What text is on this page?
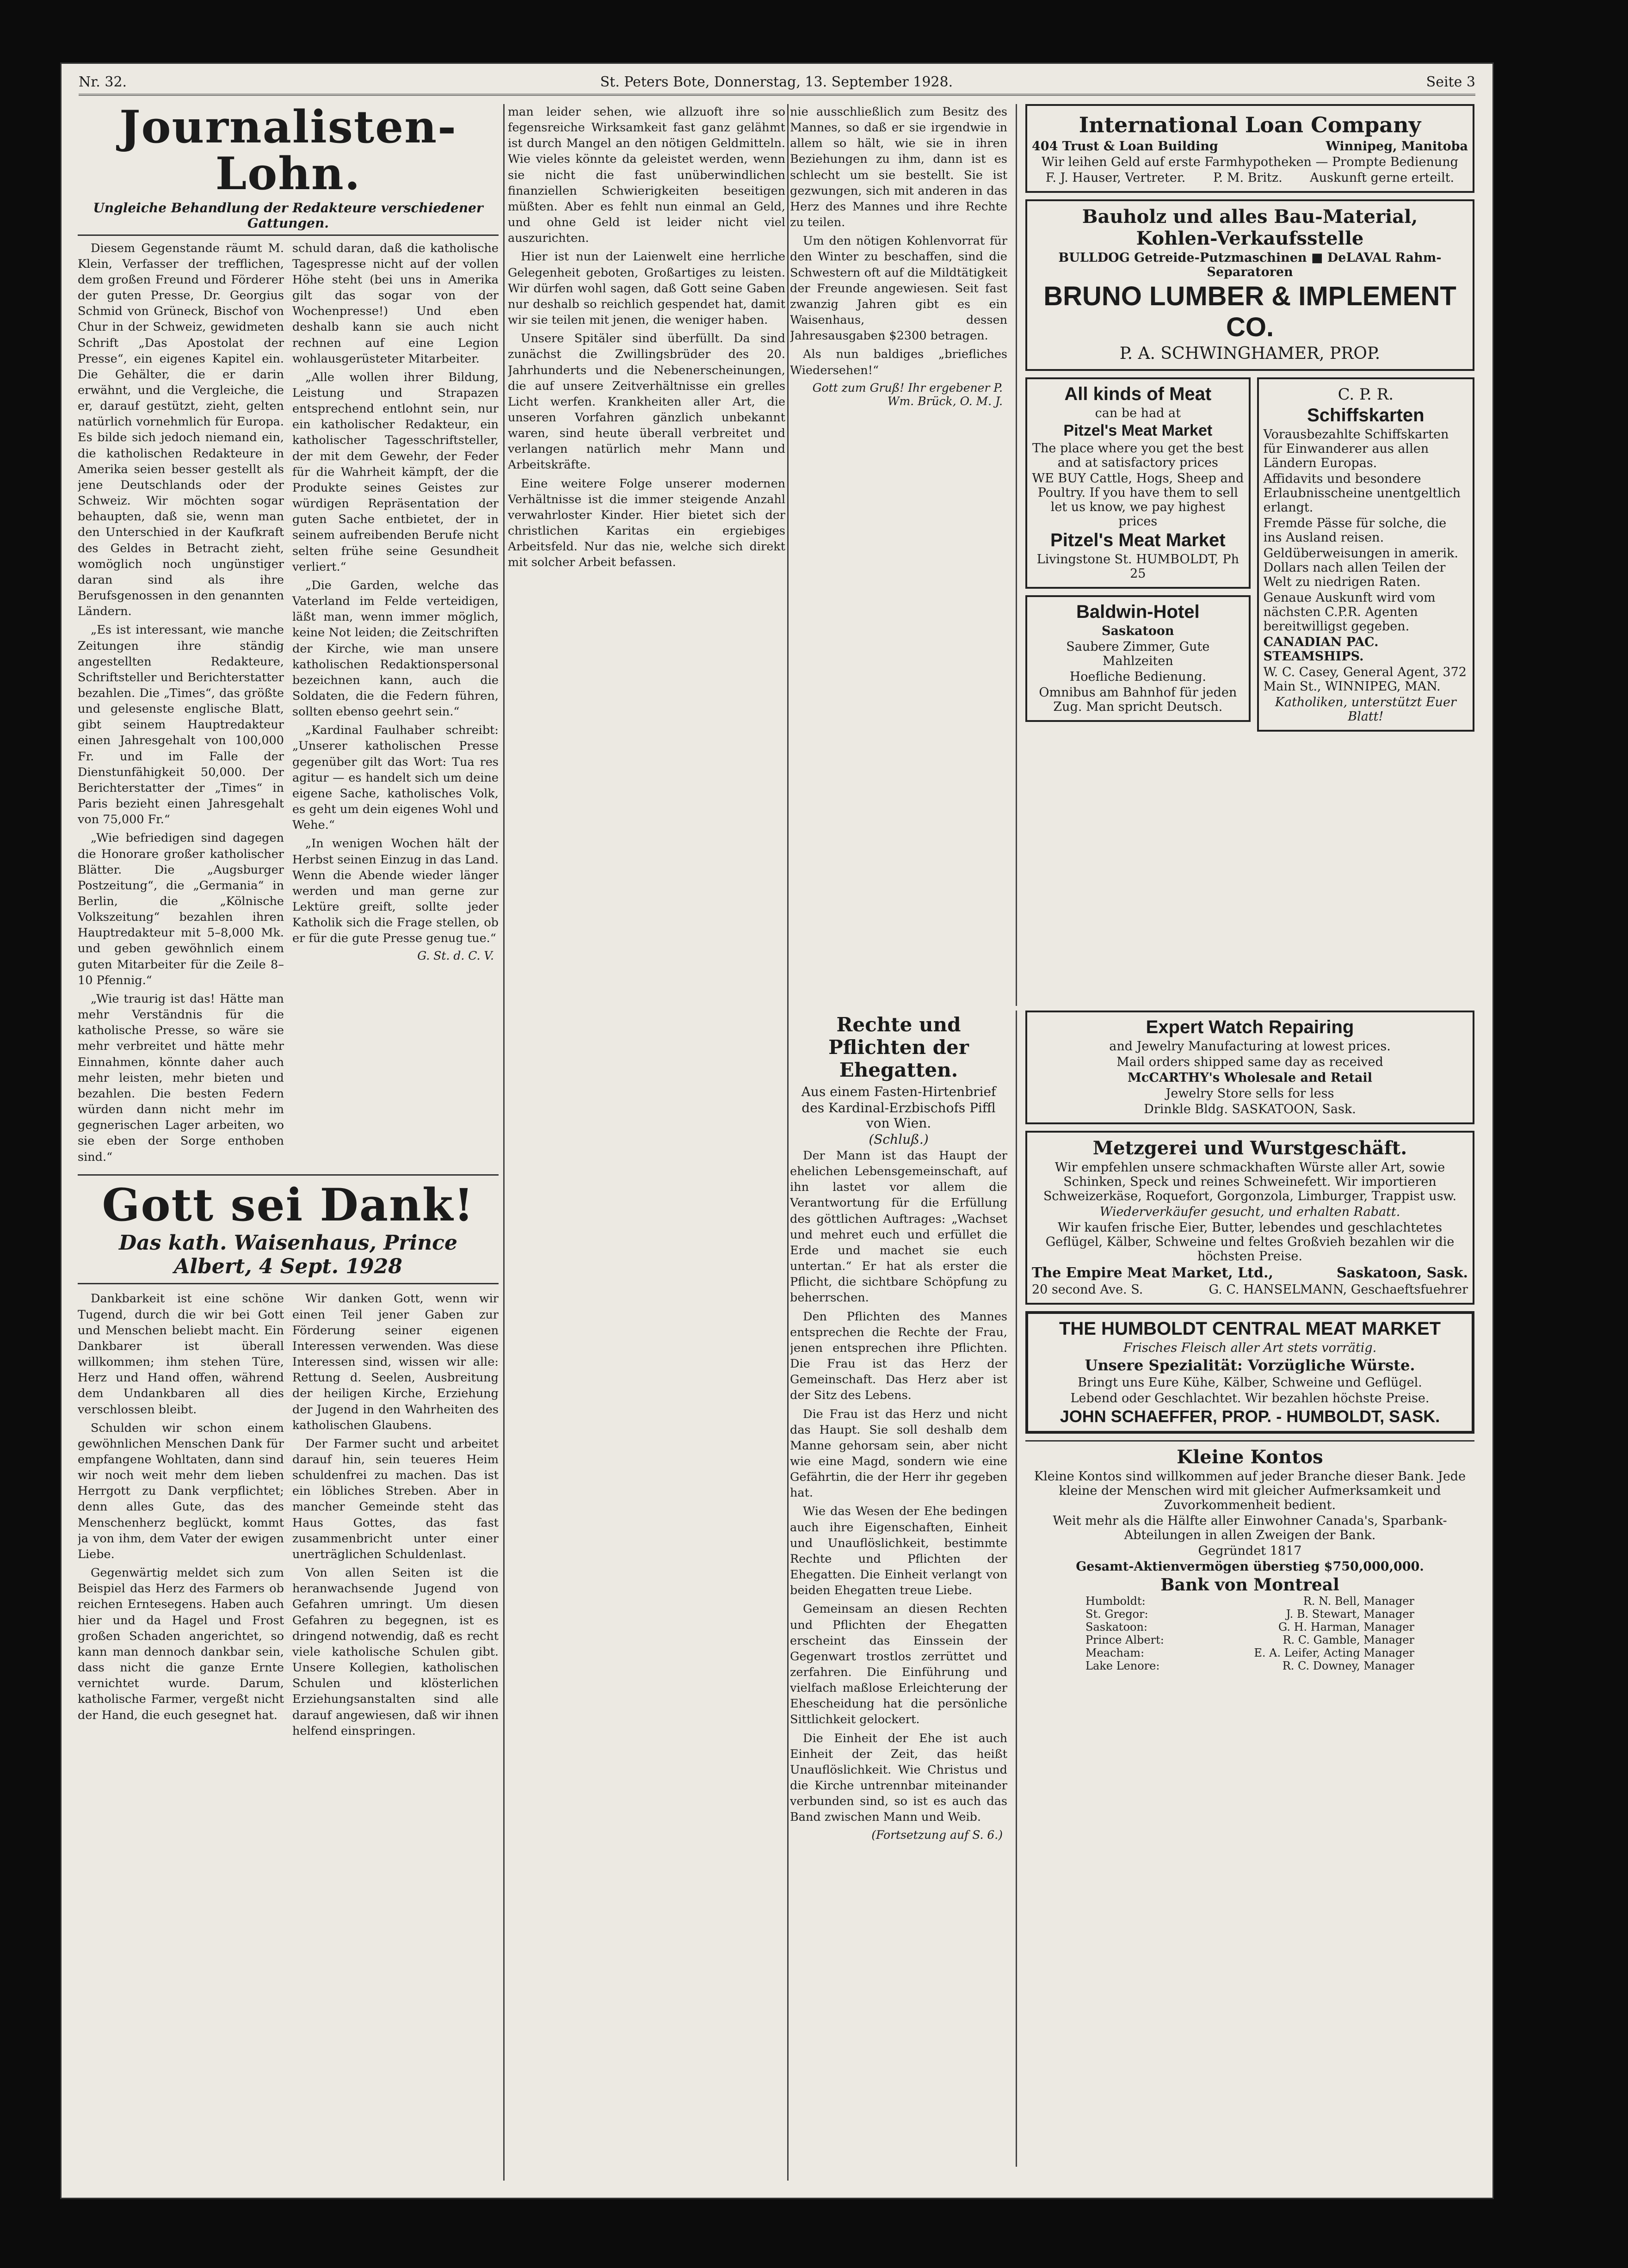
Nr. 32.	St. Peters Bote, Donnerstag, 13. September 1928.	Seite 3
Journalisten-Lohn.
Ungleiche Behandlung der Redakteure verschiedener Gattungen.

Diesem Gegenstande räumt M. Klein, Verfasser der trefflichen, dem großen Freund und Förderer der guten Presse, Dr. Georgius Schmid von Grüneck, Bischof von Chur in der Schweiz, gewidmeten Schrift „Das Apostolat der Presse“, ein eigenes Kapitel ein. Die Gehälter, die er darin erwähnt, und die Vergleiche, die er, darauf gestützt, zieht, gelten natürlich vornehmlich für Europa. Es bilde sich jedoch niemand ein, die katholischen Redakteure in Amerika seien besser gestellt als jene Deutschlands oder der Schweiz. Wir möchten sogar behaupten, daß sie, wenn man den Unterschied in der Kaufkraft des Geldes in Betracht zieht, womöglich noch ungünstiger daran sind als ihre Berufsgenossen in den genannten Ländern.

„Es ist interessant, wie manche Zeitungen ihre ständig angestellten Redakteure, Schriftsteller und Berichterstatter bezahlen. Die „Times“, das größte und gelesenste englische Blatt, gibt seinem Hauptredakteur einen Jahresgehalt von 100,000 Fr. und im Falle der Dienstunfähigkeit 50,000. Der Berichterstatter der „Times“ in Paris bezieht einen Jahresgehalt von 75,000 Fr.“

„Wie befriedigen sind dagegen die Honorare großer katholischer Blätter. Die „Augsburger Postzeitung“, die „Germania“ in Berlin, die „Kölnische Volkszeitung“ bezahlen ihren Hauptredakteur mit 5–8,000 Mk. und geben gewöhnlich einem guten Mitarbeiter für die Zeile 8–10 Pfennig.“

„Wie traurig ist das! Hätte man mehr Verständnis für die katholische Presse, so wäre sie mehr verbreitet und hätte mehr Einnahmen, könnte daher auch mehr leisten, mehr bieten und bezahlen. Die besten Federn würden dann nicht mehr im gegnerischen Lager arbeiten, wo sie eben der Sorge enthoben sind.“

schuld daran, daß die katholische Tagespresse nicht auf der vollen Höhe steht (bei uns in Amerika gilt das sogar von der Wochenpresse!) Und eben deshalb kann sie auch nicht rechnen auf eine Legion wohlausgerüsteter Mitarbeiter.

„Alle wollen ihrer Bildung, Leistung und Strapazen entsprechend entlohnt sein, nur ein katholischer Redakteur, ein katholischer Tagesschriftsteller, der mit dem Gewehr, der Feder für die Wahrheit kämpft, der die Produkte seines Geistes zur würdigen Repräsentation der guten Sache entbietet, der in seinem aufreibenden Berufe nicht selten frühe seine Gesundheit verliert.“

„Die Garden, welche das Vaterland im Felde verteidigen, läßt man, wenn immer möglich, keine Not leiden; die Zeitschriften der Kirche, wie man unsere katholischen Redaktionspersonal bezeichnen kann, auch die Soldaten, die die Federn führen, sollten ebenso geehrt sein.“

„Kardinal Faulhaber schreibt: „Unserer katholischen Presse gegenüber gilt das Wort: Tua res agitur — es handelt sich um deine eigene Sache, katholisches Volk, es geht um dein eigenes Wohl und Wehe.“

„In wenigen Wochen hält der Herbst seinen Einzug in das Land. Wenn die Abende wieder länger werden und man gerne zur Lektüre greift, sollte jeder Katholik sich die Frage stellen, ob er für die gute Presse genug tue.“

G. St. d. C. V.
Gott sei Dank!
Das kath. Waisenhaus, Prince Albert, 4 Sept. 1928

Dankbarkeit ist eine schöne Tugend, durch die wir bei Gott und Menschen beliebt macht. Ein Dankbarer ist überall willkommen; ihm stehen Türe, Herz und Hand offen, während dem Undankbaren all dies verschlossen bleibt.

Schulden wir schon einem gewöhnlichen Menschen Dank für empfangene Wohltaten, dann sind wir noch weit mehr dem lieben Herrgott zu Dank verpflichtet; denn alles Gute, das des Menschenherz beglückt, kommt ja von ihm, dem Vater der ewigen Liebe.

Gegenwärtig meldet sich zum Beispiel das Herz des Farmers ob reichen Erntesegens. Haben auch hier und da Hagel und Frost großen Schaden angerichtet, so kann man dennoch dankbar sein, dass nicht die ganze Ernte vernichtet wurde. Darum, katholische Farmer, vergeßt nicht der Hand, die euch gesegnet hat.

Wir danken Gott, wenn wir einen Teil jener Gaben zur Förderung seiner eigenen Interessen verwenden. Was diese Interessen sind, wissen wir alle: Rettung d. Seelen, Ausbreitung der heiligen Kirche, Erziehung der Jugend in den Wahrheiten des katholischen Glaubens.

Der Farmer sucht und arbeitet darauf hin, sein teueres Heim schuldenfrei zu machen. Das ist ein löbliches Streben. Aber in mancher Gemeinde steht das Haus Gottes, das fast zusammenbricht unter einer unerträglichen Schuldenlast.

Von allen Seiten ist die heranwachsende Jugend von Gefahren umringt. Um diesen Gefahren zu begegnen, ist es dringend notwendig, daß es recht viele katholische Schulen gibt. Unsere Kollegien, katholischen Schulen und klösterlichen Erziehungsanstalten sind alle darauf angewiesen, daß wir ihnen helfend einspringen.

man leider sehen, wie allzuoft ihre so fegensreiche Wirksamkeit fast ganz gelähmt ist durch Mangel an den nötigen Geldmitteln. Wie vieles könnte da geleistet werden, wenn sie nicht die fast unüberwindlichen finanziellen Schwierigkeiten beseitigen müßten. Aber es fehlt nun einmal an Geld, und ohne Geld ist leider nicht viel auszurichten.

Hier ist nun der Laienwelt eine herrliche Gelegenheit geboten, Großartiges zu leisten. Wir dürfen wohl sagen, daß Gott seine Gaben nur deshalb so reichlich gespendet hat, damit wir sie teilen mit jenen, die weniger haben.

Unsere Spitäler sind überfüllt. Da sind zunächst die Zwillingsbrüder des 20. Jahrhunderts und die Nebenerscheinungen, die auf unsere Zeitverhältnisse ein grelles Licht werfen. Krankheiten aller Art, die unseren Vorfahren gänzlich unbekannt waren, sind heute überall verbreitet und verlangen natürlich mehr Mann und Arbeitskräfte.

Eine weitere Folge unserer modernen Verhältnisse ist die immer steigende Anzahl verwahrloster Kinder. Hier bietet sich der christlichen Karitas ein ergiebiges Arbeitsfeld. Nur das nie, welche sich direkt mit solcher Arbeit befassen.

nie ausschließlich zum Besitz des Mannes, so daß er sie irgendwie in allem so hält, wie sie in ihren Beziehungen zu ihm, dann ist es schlecht um sie bestellt. Sie ist gezwungen, sich mit anderen in das Herz des Mannes und ihre Rechte zu teilen.

Um den nötigen Kohlenvorrat für den Winter zu beschaffen, sind die Schwestern oft auf die Mildtätigkeit der Freunde angewiesen. Seit fast zwanzig Jahren gibt es ein Waisenhaus, dessen Jahresausgaben $2300 betragen.

Als nun baldiges „briefliches Wiedersehen!“

Gott zum Gruß! Ihr ergebener P. Wm. Brück, O. M. J.
International Loan Company
404 Trust & Loan Building	Winnipeg, Manitoba
Wir leihen Geld auf erste Farmhypotheken — Prompte Bedienung
F. J. Hauser, Vertreter. P. M. Britz. Auskunft gerne erteilt.
Bauholz und alles Bau-Material,
Kohlen-Verkaufsstelle
BULLDOG Getreide-Putzmaschinen ■ DeLAVAL Rahm-Separatoren
BRUNO LUMBER & IMPLEMENT CO.
P. A. SCHWINGHAMER, PROP.
All kinds of Meat
can be had at
Pitzel's Meat Market
The place where you get the best and at satisfactory prices
WE BUY Cattle, Hogs, Sheep and Poultry. If you have them to sell let us know, we pay highest prices
Pitzel's Meat Market
Livingstone St. HUMBOLDT, Ph 25
Baldwin-Hotel
Saskatoon
Saubere Zimmer, Gute Mahlzeiten
Hoefliche Bedienung.
Omnibus am Bahnhof für jeden Zug. Man spricht Deutsch.
C. P. R.
Schiffskarten
Vorausbezahlte Schiffskarten für Einwanderer aus allen Ländern Europas.
Affidavits und besondere Erlaubnisscheine unentgeltlich erlangt.
Fremde Pässe für solche, die ins Ausland reisen.
Geldüberweisungen in amerik. Dollars nach allen Teilen der Welt zu niedrigen Raten.
Genaue Auskunft wird vom nächsten C.P.R. Agenten bereitwilligst gegeben.
CANADIAN PAC. STEAMSHIPS.
W. C. Casey, General Agent, 372 Main St., WINNIPEG, MAN.
Katholiken, unterstützt Euer Blatt!
Rechte und Pflichten der Ehegatten.
Aus einem Fasten-Hirtenbrief
des Kardinal-Erzbischofs Piffl von Wien.
(Schluß.)

Der Mann ist das Haupt der ehelichen Lebensgemeinschaft, auf ihn lastet vor allem die Verantwortung für die Erfüllung des göttlichen Auftrages: „Wachset und mehret euch und erfüllet die Erde und machet sie euch untertan.“ Er hat als erster die Pflicht, die sichtbare Schöpfung zu beherrschen.

Den Pflichten des Mannes entsprechen die Rechte der Frau, jenen entsprechen ihre Pflichten. Die Frau ist das Herz der Gemeinschaft. Das Herz aber ist der Sitz des Lebens.

Die Frau ist das Herz und nicht das Haupt. Sie soll deshalb dem Manne gehorsam sein, aber nicht wie eine Magd, sondern wie eine Gefährtin, die der Herr ihr gegeben hat.

Wie das Wesen der Ehe bedingen auch ihre Eigenschaften, Einheit und Unauflöslichkeit, bestimmte Rechte und Pflichten der Ehegatten. Die Einheit verlangt von beiden Ehegatten treue Liebe.

Gemeinsam an diesen Rechten und Pflichten der Ehegatten erscheint das Einssein der Gegenwart trostlos zerrüttet und zerfahren. Die Einführung und vielfach maßlose Erleichterung der Ehescheidung hat die persönliche Sittlichkeit gelockert.

Die Einheit der Ehe ist auch Einheit der Zeit, das heißt Unauflöslichkeit. Wie Christus und die Kirche untrennbar miteinander verbunden sind, so ist es auch das Band zwischen Mann und Weib.

(Fortsetzung auf S. 6.)
Expert Watch Repairing
and Jewelry Manufacturing at lowest prices.
Mail orders shipped same day as received
McCARTHY's Wholesale and Retail
Jewelry Store sells for less
Drinkle Bldg. SASKATOON, Sask.
Metzgerei und Wurstgeschäft.
Wir empfehlen unsere schmackhaften Würste aller Art, sowie Schinken, Speck und reines Schweinefett. Wir importieren Schweizerkäse, Roquefort, Gorgonzola, Limburger, Trappist usw.
Wiederverkäufer gesucht, und erhalten Rabatt.
Wir kaufen frische Eier, Butter, lebendes und geschlachtetes Geflügel, Kälber, Schweine und feltes Großvieh bezahlen wir die höchsten Preise.
The Empire Meat Market, Ltd.,	Saskatoon, Sask.
20 second Ave. S.	G. C. HANSELMANN, Geschaeftsfuehrer
THE HUMBOLDT CENTRAL MEAT MARKET
Frisches Fleisch aller Art stets vorrätig.
Unsere Spezialität: Vorzügliche Würste.
Bringt uns Eure Kühe, Kälber, Schweine und Geflügel.
Lebend oder Geschlachtet. Wir bezahlen höchste Preise.
JOHN SCHAEFFER, PROP. - HUMBOLDT, SASK.
Kleine Kontos
Kleine Kontos sind willkommen auf jeder Branche dieser Bank. Jede kleine der Menschen wird mit gleicher Aufmerksamkeit und Zuvorkommenheit bedient.
Weit mehr als die Hälfte aller Einwohner Canada's, Sparbank-Abteilungen in allen Zweigen der Bank.
Gegründet 1817
Gesamt-Aktienvermögen überstieg $750,000,000.
Bank von Montreal
Humboldt:	R. N. Bell, Manager
St. Gregor:	J. B. Stewart, Manager
Saskatoon:	G. H. Harman, Manager
Prince Albert:	R. C. Gamble, Manager
Meacham:	E. A. Leifer, Acting Manager
Lake Lenore:	R. C. Downey, Manager
